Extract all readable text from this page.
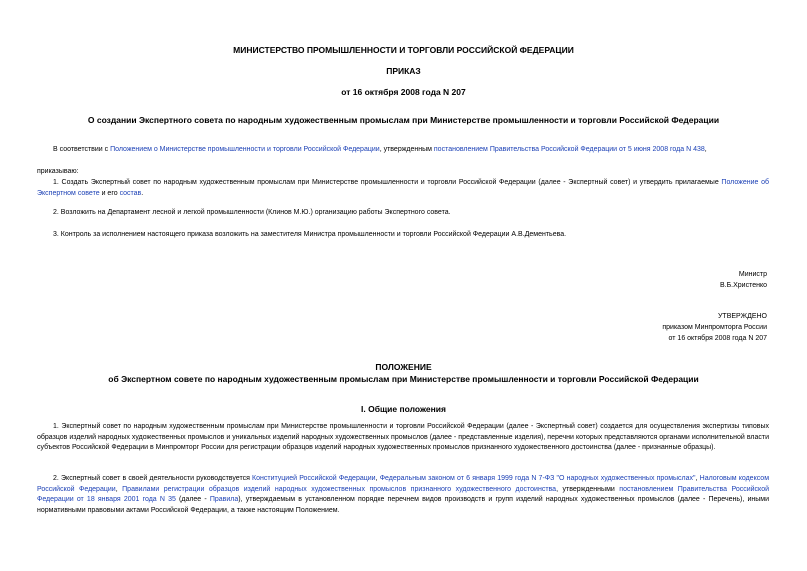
МИНИСТЕРСТВО ПРОМЫШЛЕННОСТИ И ТОРГОВЛИ РОССИЙСКОЙ ФЕДЕРАЦИИ
ПРИКАЗ
от 16 октября 2008 года N 207
О создании Экспертного совета по народным художественным промыслам при Министерстве промышленности и торговли Российской Федерации
В соответствии с Положением о Министерстве промышленности и торговли Российской Федерации, утвержденным постановлением Правительства Российской Федерации от 5 июня 2008 года N 438,
приказываю:
1. Создать Экспертный совет по народным художественным промыслам при Министерстве промышленности и торговли Российской Федерации (далее - Экспертный совет) и утвердить прилагаемые Положение об Экспертном совете и его состав.
2. Возложить на Департамент лесной и легкой промышленности (Клинов М.Ю.) организацию работы Экспертного совета.
3. Контроль за исполнением настоящего приказа возложить на заместителя Министра промышленности и торговли Российской Федерации А.В.Дементьева.
Министр
В.Б.Христенко
УТВЕРЖДЕНО
приказом Минпромторга России
от 16 октября 2008 года N 207
ПОЛОЖЕНИЕ
об Экспертном совете по народным художественным промыслам при Министерстве промышленности и торговли Российской Федерации
I. Общие положения
1. Экспертный совет по народным художественным промыслам при Министерстве промышленности и торговли Российской Федерации (далее - Экспертный совет) создается для осуществления экспертизы типовых образцов изделий народных художественных промыслов и уникальных изделий народных художественных промыслов (далее - представленные изделия), перечни которых представляются органами исполнительной власти субъектов Российской Федерации в Минпромторг России для регистрации образцов изделий народных художественных промыслов признанного художественного достоинства (далее - признанные образцы).
2. Экспертный совет в своей деятельности руководствуется Конституцией Российской Федерации, Федеральным законом от 6 января 1999 года N 7-ФЗ "О народных художественных промыслах", Налоговым кодексом Российской Федерации, Правилами регистрации образцов изделий народных художественных промыслов признанного художественного достоинства, утвержденными постановлением Правительства Российской Федерации от 18 января 2001 года N 35 (далее - Правила), утверждаемым в установленном порядке перечнем видов производств и групп изделий народных художественных промыслов (далее - Перечень), иными нормативными правовыми актами Российской Федерации, а также настоящим Положением.
